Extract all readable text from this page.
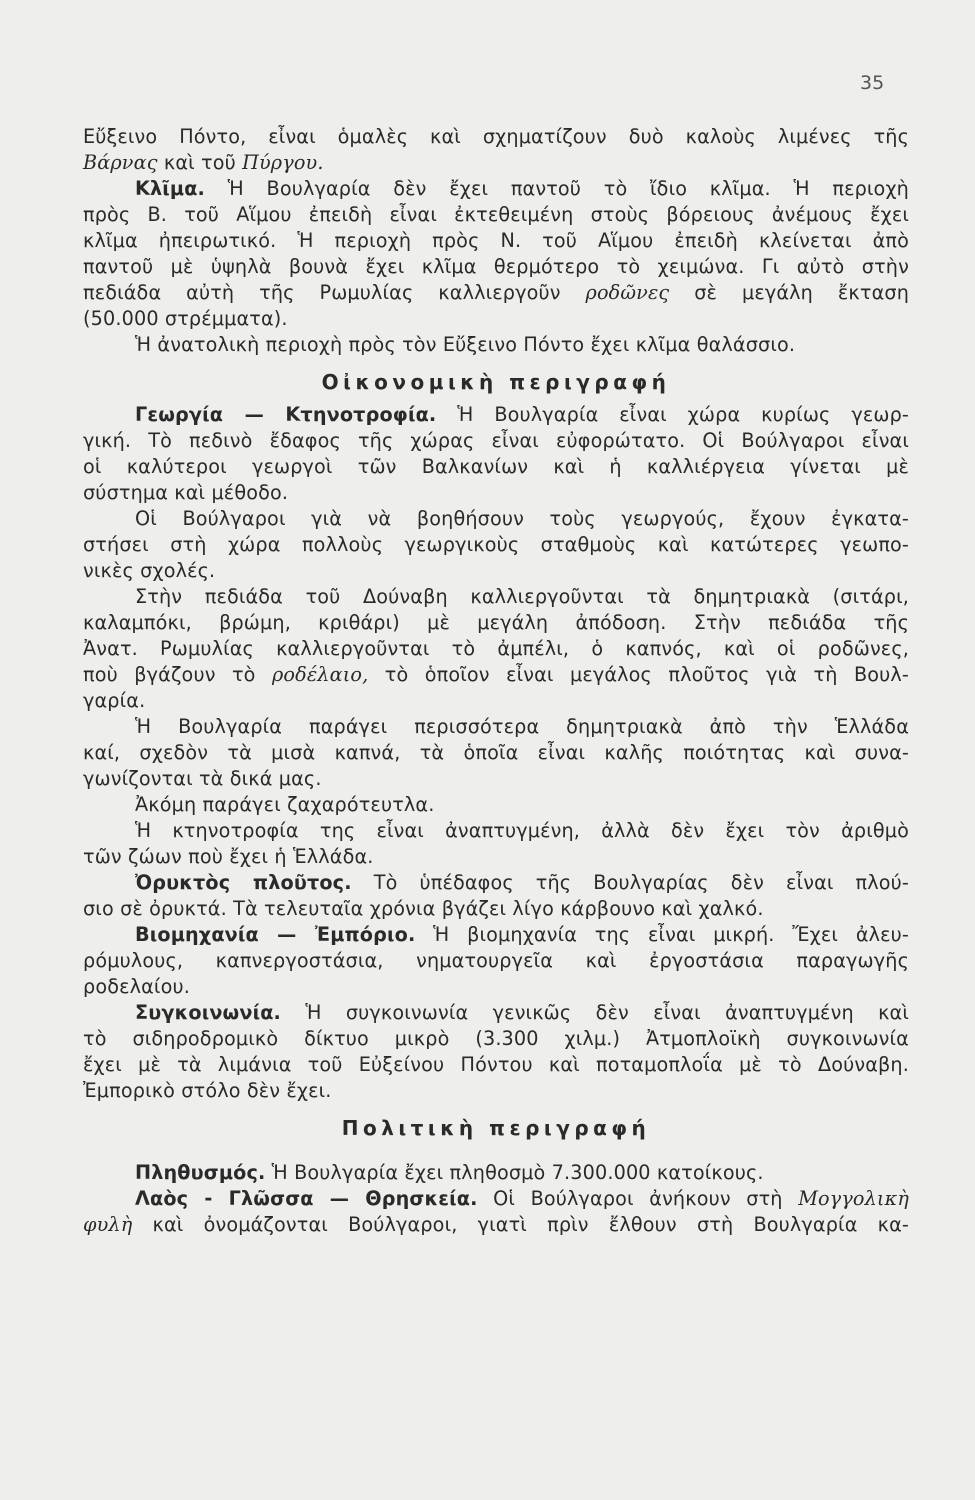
35
Εὔξεινο Πόντο, εἶναι ὁμαλὲς καὶ σχηματίζουν δυὸ καλοὺς λιμένες τῆς
Βάρνας καὶ τοῦ Πύργου.
Κλῖμα. Ἡ Βουλγαρία δὲν ἔχει παντοῦ τὸ ἴδιο κλῖμα. Ἡ περιοχὴ
πρὸς Β. τοῦ Αἵμου ἐπειδὴ εἶναι ἐκτεθειμένη στοὺς βόρειους ἀνέμους ἔχει
κλῖμα ἠπειρωτικό. Ἡ περιοχὴ πρὸς Ν. τοῦ Αἵμου ἐπειδὴ κλείνεται ἀπὸ
παντοῦ μὲ ὑψηλὰ βουνὰ ἔχει κλῖμα θερμότερο τὸ χειμώνα. Γι αὐτὸ στὴν
πεδιάδα αὐτὴ τῆς Ρωμυλίας καλλιεργοῦν ροδῶνες σὲ μεγάλη ἔκταση
(50.000 στρέμματα).
Ἡ ἀνατολικὴ περιοχὴ πρὸς τὸν Εὔξεινο Πόντο ἔχει κλῖμα θαλάσσιο.
Οἰκονομικὴ περιγραφή
Γεωργία — Κτηνοτροφία. Ἡ Βουλγαρία εἶναι χώρα κυρίως γεωρ-
γική. Τὸ πεδινὸ ἔδαφος τῆς χώρας εἶναι εὐφορώτατο. Οἱ Βούλγαροι εἶναι
οἱ καλύτεροι γεωργοὶ τῶν Βαλκανίων καὶ ἡ καλλιέργεια γίνεται μὲ
σύστημα καὶ μέθοδο.
Οἱ Βούλγαροι γιὰ νὰ βοηθήσουν τοὺς γεωργούς, ἔχουν ἐγκατα-
στήσει στὴ χώρα πολλοὺς γεωργικοὺς σταθμοὺς καὶ κατώτερες γεωπο-
νικὲς σχολές.
Στὴν πεδιάδα τοῦ Δούναβη καλλιεργοῦνται τὰ δημητριακὰ (σιτάρι,
καλαμπόκι, βρώμη, κριθάρι) μὲ μεγάλη ἀπόδοση. Στὴν πεδιάδα τῆς
Ἀνατ. Ρωμυλίας καλλιεργοῦνται τὸ ἀμπέλι, ὁ καπνός, καὶ οἱ ροδῶνες,
ποὺ βγάζουν τὸ ροδέλαιο, τὸ ὁποῖον εἶναι μεγάλος πλοῦτος γιὰ τὴ Βουλ-
γαρία.
Ἡ Βουλγαρία παράγει περισσότερα δημητριακὰ ἀπὸ τὴν Ἑλλάδα
καί, σχεδὸν τὰ μισὰ καπνά, τὰ ὁποῖα εἶναι καλῆς ποιότητας καὶ συνα-
γωνίζονται τὰ δικά μας.
Ἀκόμη παράγει ζαχαρότευτλα.
Ἡ κτηνοτροφία της εἶναι ἀναπτυγμένη, ἀλλὰ δὲν ἔχει τὸν ἀριθμὸ
τῶν ζώων ποὺ ἔχει ἡ Ἑλλάδα.
Ὀρυκτὸς πλοῦτος. Τὸ ὑπέδαφος τῆς Βουλγαρίας δὲν εἶναι πλού-
σιο σὲ ὀρυκτά. Τὰ τελευταῖα χρόνια βγάζει λίγο κάρβουνο καὶ χαλκό.
Βιομηχανία — Ἐμπόριο. Ἡ βιομηχανία της εἶναι μικρή. Ἔχει ἀλευ-
ρόμυλους, καπνεργοστάσια, νηματουργεῖα καὶ ἐργοστάσια παραγωγῆς
ροδελαίου.
Συγκοινωνία. Ἡ συγκοινωνία γενικῶς δὲν εἶναι ἀναπτυγμένη καὶ
τὸ σιδηροδρομικὸ δίκτυο μικρὸ (3.300 χιλμ.) Ἀτμοπλοϊκὴ συγκοινωνία
ἔχει μὲ τὰ λιμάνια τοῦ Εὐξείνου Πόντου καὶ ποταμοπλοΐα μὲ τὸ Δούναβη.
Ἐμπορικὸ στόλο δὲν ἔχει.
Πολιτικὴ περιγραφή
Πληθυσμός. Ἡ Βουλγαρία ἔχει πληθοσμὸ 7.300.000 κατοίκους.
Λαὸς - Γλῶσσα — Θρησκεία. Οἱ Βούλγαροι ἀνήκουν στὴ Μογγολικὴ
φυλὴ καὶ ὀνομάζονται Βούλγαροι, γιατὶ πρὶν ἔλθουν στὴ Βουλγαρία κα-
